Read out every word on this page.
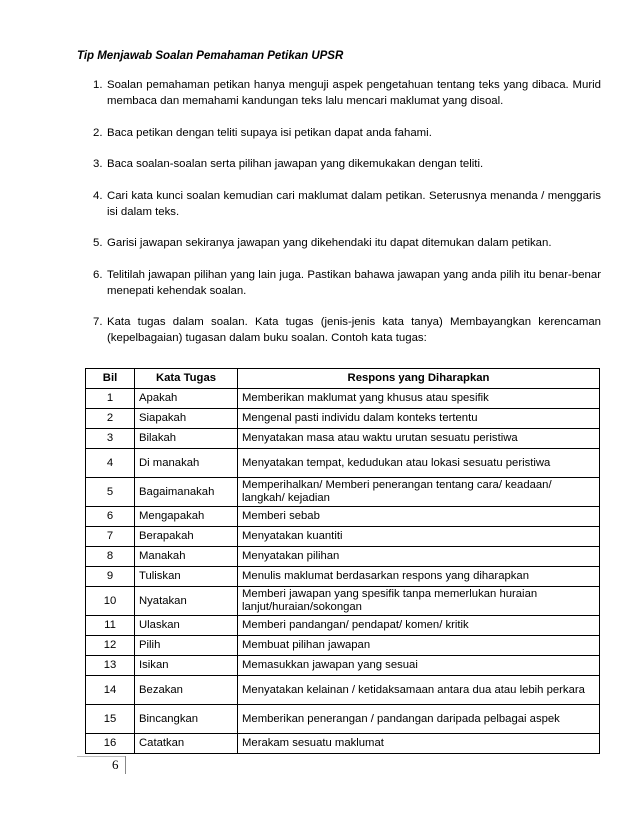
Tip Menjawab Soalan Pemahaman Petikan UPSR
1. Soalan pemahaman petikan hanya menguji aspek pengetahuan tentang teks yang dibaca. Murid membaca dan memahami kandungan teks lalu mencari maklumat yang disoal.
2. Baca petikan dengan teliti supaya isi petikan dapat anda fahami.
3. Baca soalan-soalan serta pilihan jawapan yang dikemukakan dengan teliti.
4. Cari kata kunci soalan kemudian cari maklumat dalam petikan. Seterusnya menanda / menggaris isi dalam teks.
5. Garisi jawapan sekiranya jawapan yang dikehendaki itu dapat ditemukan dalam petikan.
6. Telitilah jawapan pilihan yang lain juga. Pastikan bahawa jawapan yang anda pilih itu benar-benar menepati kehendak soalan.
7. Kata tugas dalam soalan. Kata tugas (jenis-jenis kata tanya) Membayangkan kerencaman (kepelbagaian) tugasan dalam buku soalan. Contoh kata tugas:
Bil	Kata Tugas	Respons yang Diharapkan
1	Apakah	Memberikan maklumat yang khusus atau spesifik
2	Siapakah	Mengenal pasti individu dalam konteks tertentu
3	Bilakah	Menyatakan masa atau waktu urutan sesuatu peristiwa
4	Di manakah	Menyatakan tempat, kedudukan atau lokasi sesuatu peristiwa
5	Bagaimanakah	Memperihalkan/ Memberi penerangan tentang cara/ keadaan/ langkah/ kejadian
6	Mengapakah	Memberi sebab
7	Berapakah	Menyatakan kuantiti
8	Manakah	Menyatakan pilihan
9	Tuliskan	Menulis maklumat berdasarkan respons yang diharapkan
10	Nyatakan	Memberi jawapan yang spesifik tanpa memerlukan huraian lanjut/huraian/sokongan
11	Ulaskan	Memberi pandangan/ pendapat/ komen/ kritik
12	Pilih	Membuat pilihan jawapan
13	Isikan	Memasukkan jawapan yang sesuai
14	Bezakan	Menyatakan kelainan / ketidaksamaan antara dua atau lebih perkara
15	Bincangkan	Memberikan penerangan / pandangan daripada pelbagai aspek
16	Catatkan	Merakam sesuatu maklumat
6
